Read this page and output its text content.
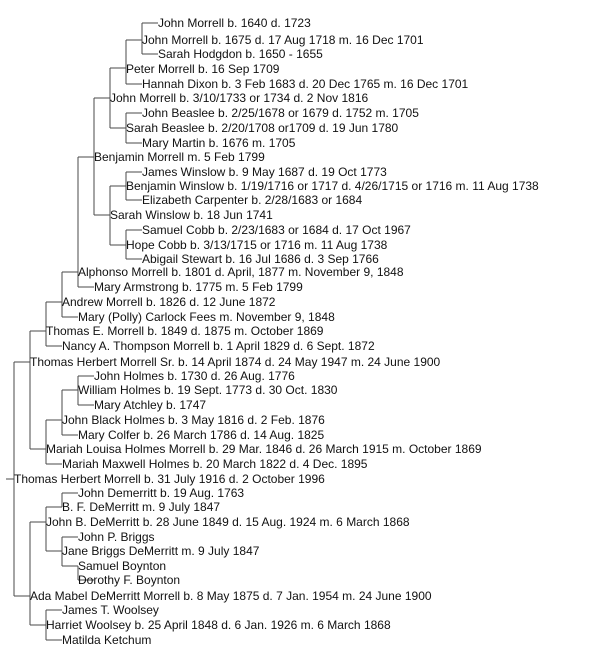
John Morrell b. 1640 d. 1723
John Morrell b. 1675 d. 17 Aug 1718 m. 16 Dec 1701
Sarah Hodgdon b. 1650 - 1655
Peter Morrell b. 16 Sep 1709
Hannah Dixon b. 3 Feb 1683 d. 20 Dec 1765 m. 16 Dec 1701
John Morrell b. 3/10/1733 or 1734 d. 2 Nov 1816
John Beaslee b. 2/25/1678 or 1679 d. 1752 m. 1705
Sarah Beaslee b. 2/20/1708 or1709 d. 19 Jun 1780
Mary Martin b. 1676 m. 1705
Benjamin Morrell m. 5 Feb 1799
James Winslow b. 9 May 1687 d. 19 Oct 1773
Benjamin Winslow b. 1/19/1716 or 1717 d. 4/26/1715 or 1716 m. 11 Aug 1738
Elizabeth Carpenter b. 2/28/1683 or 1684
Sarah Winslow b. 18 Jun 1741
Samuel Cobb b. 2/23/1683 or 1684 d. 17 Oct 1967
Hope Cobb b. 3/13/1715 or 1716 m. 11 Aug 1738
Abigail Stewart b. 16 Jul 1686 d. 3 Sep 1766
Alphonso Morrell b. 1801 d. April, 1877 m. November 9, 1848
Mary Armstrong b. 1775 m. 5 Feb 1799
Andrew Morrell b. 1826 d. 12 June 1872
Mary (Polly) Carlock Fees m. November 9, 1848
Thomas E. Morrell b. 1849 d. 1875 m. October 1869
Nancy A. Thompson Morrell b. 1 April 1829 d. 6 Sept. 1872
Thomas Herbert Morrell Sr. b. 14 April 1874 d. 24 May 1947 m. 24 June 1900
John Holmes b. 1730 d. 26 Aug. 1776
William Holmes b. 19 Sept. 1773 d. 30 Oct. 1830
Mary Atchley b. 1747
John Black Holmes b. 3 May 1816 d. 2 Feb. 1876
Mary Colfer b. 26 March 1786 d. 14 Aug. 1825
Mariah Louisa Holmes Morrell b. 29 Mar. 1846 d. 26 March 1915 m. October 1869
Mariah Maxwell Holmes b. 20 March 1822 d. 4 Dec. 1895
Thomas Herbert Morrell b. 31 July 1916 d. 2 October 1996
John Demerritt b. 19 Aug. 1763
B. F. DeMerritt m. 9 July 1847
John B. DeMerritt b. 28 June 1849 d. 15 Aug. 1924 m. 6 March 1868
John P. Briggs
Jane Briggs DeMerritt m. 9 July 1847
Samuel Boynton
Dorothy F. Boynton
Ada Mabel DeMerritt Morrell b. 8 May 1875 d. 7 Jan. 1954 m. 24 June 1900
James T. Woolsey
Harriet Woolsey b. 25 April 1848 d. 6 Jan. 1926 m. 6 March 1868
Matilda Ketchum
